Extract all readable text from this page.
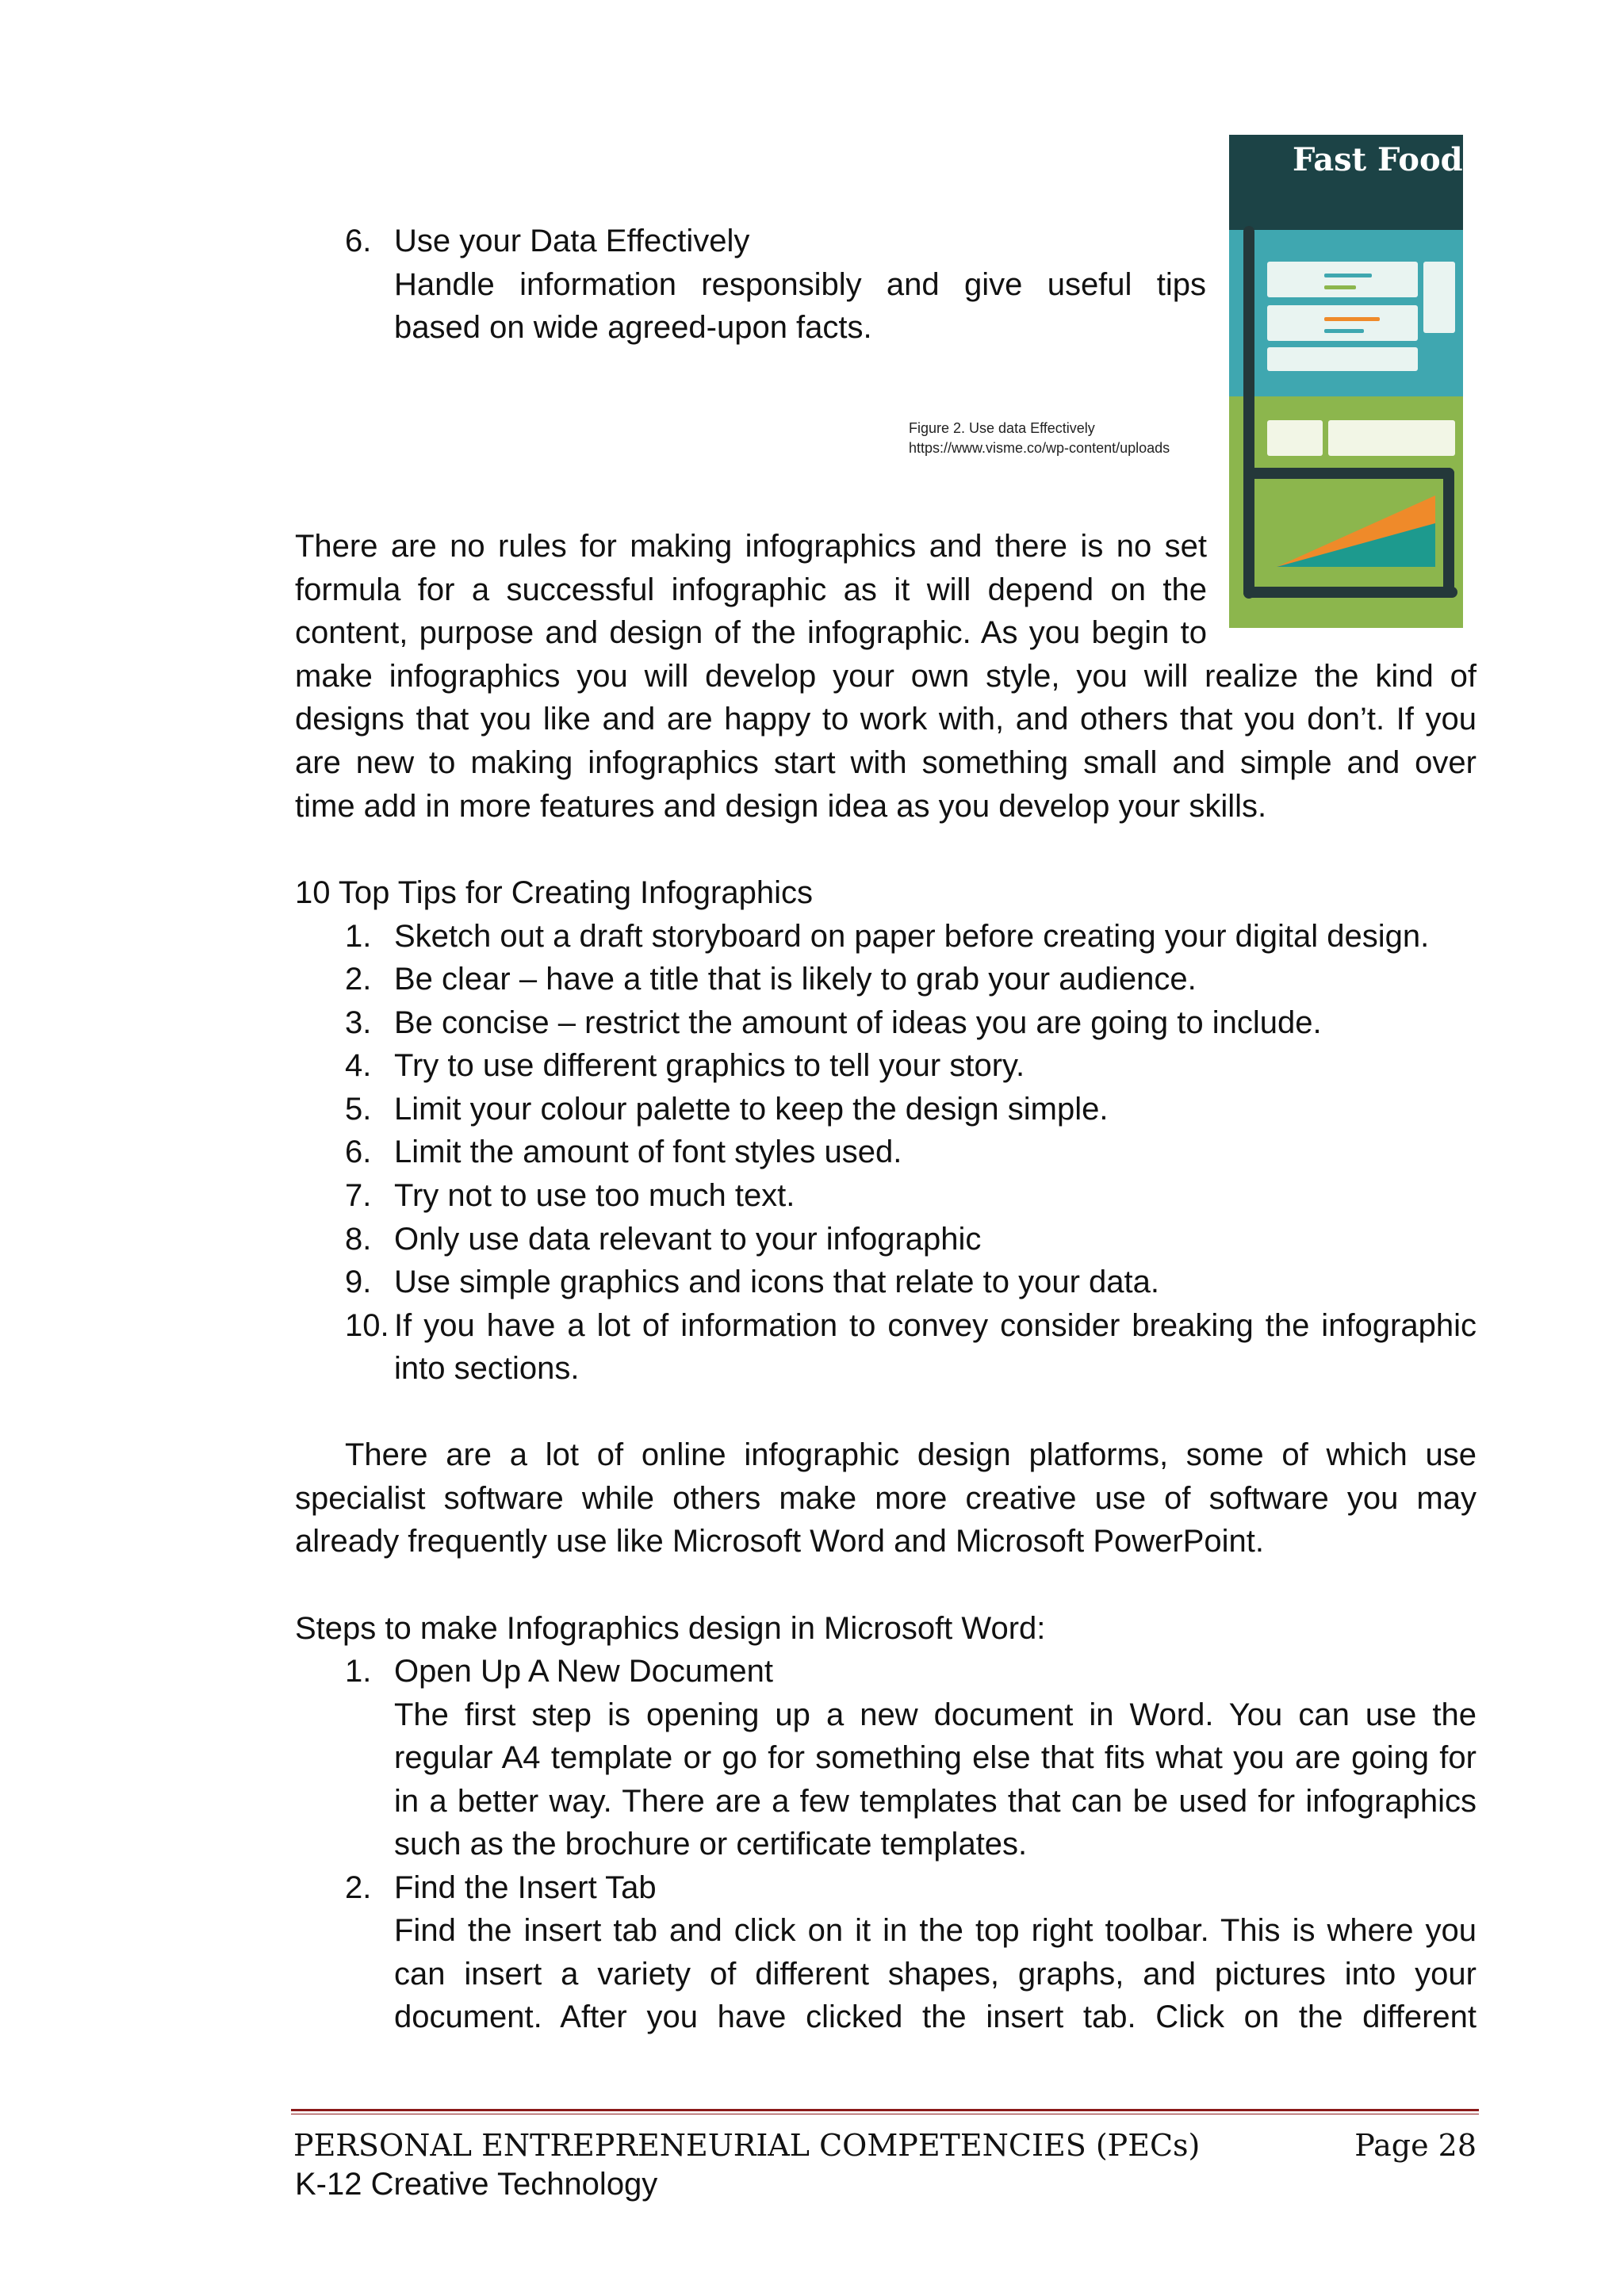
6. Use your Data Effectively
Handle information responsibly and give useful tips
based on wide agreed-upon facts.
Figure 2. Use data Effectively
https://www.visme.co/wp-content/uploads
Fast Food
There are no rules for making infographics and there is no set
formula for a successful infographic as it will depend on the
content, purpose and design of the infographic. As you begin to
make infographics you will develop your own style, you will realize the kind of
designs that you like and are happy to work with, and others that you don’t. If you
are new to making infographics start with something small and simple and over
time add in more features and design idea as you develop your skills.
10 Top Tips for Creating Infographics
1. Sketch out a draft storyboard on paper before creating your digital design.
2. Be clear – have a title that is likely to grab your audience.
3. Be concise – restrict the amount of ideas you are going to include.
4. Try to use different graphics to tell your story.
5. Limit your colour palette to keep the design simple.
6. Limit the amount of font styles used.
7. Try not to use too much text.
8. Only use data relevant to your infographic
9. Use simple graphics and icons that relate to your data.
10. If you have a lot of information to convey consider breaking the infographic
into sections.
There are a lot of online infographic design platforms, some of which use
specialist software while others make more creative use of software you may
already frequently use like Microsoft Word and Microsoft PowerPoint.
Steps to make Infographics design in Microsoft Word:
1. Open Up A New Document
The first step is opening up a new document in Word. You can use the
regular A4 template or go for something else that fits what you are going for
in a better way. There are a few templates that can be used for infographics
such as the brochure or certificate templates.
2. Find the Insert Tab
Find the insert tab and click on it in the top right toolbar. This is where you
can insert a variety of different shapes, graphs, and pictures into your
document. After you have clicked the insert tab. Click on the different
PERSONAL ENTREPRENEURIAL COMPETENCIES (PECs)	Page 28
K-12 Creative Technology
